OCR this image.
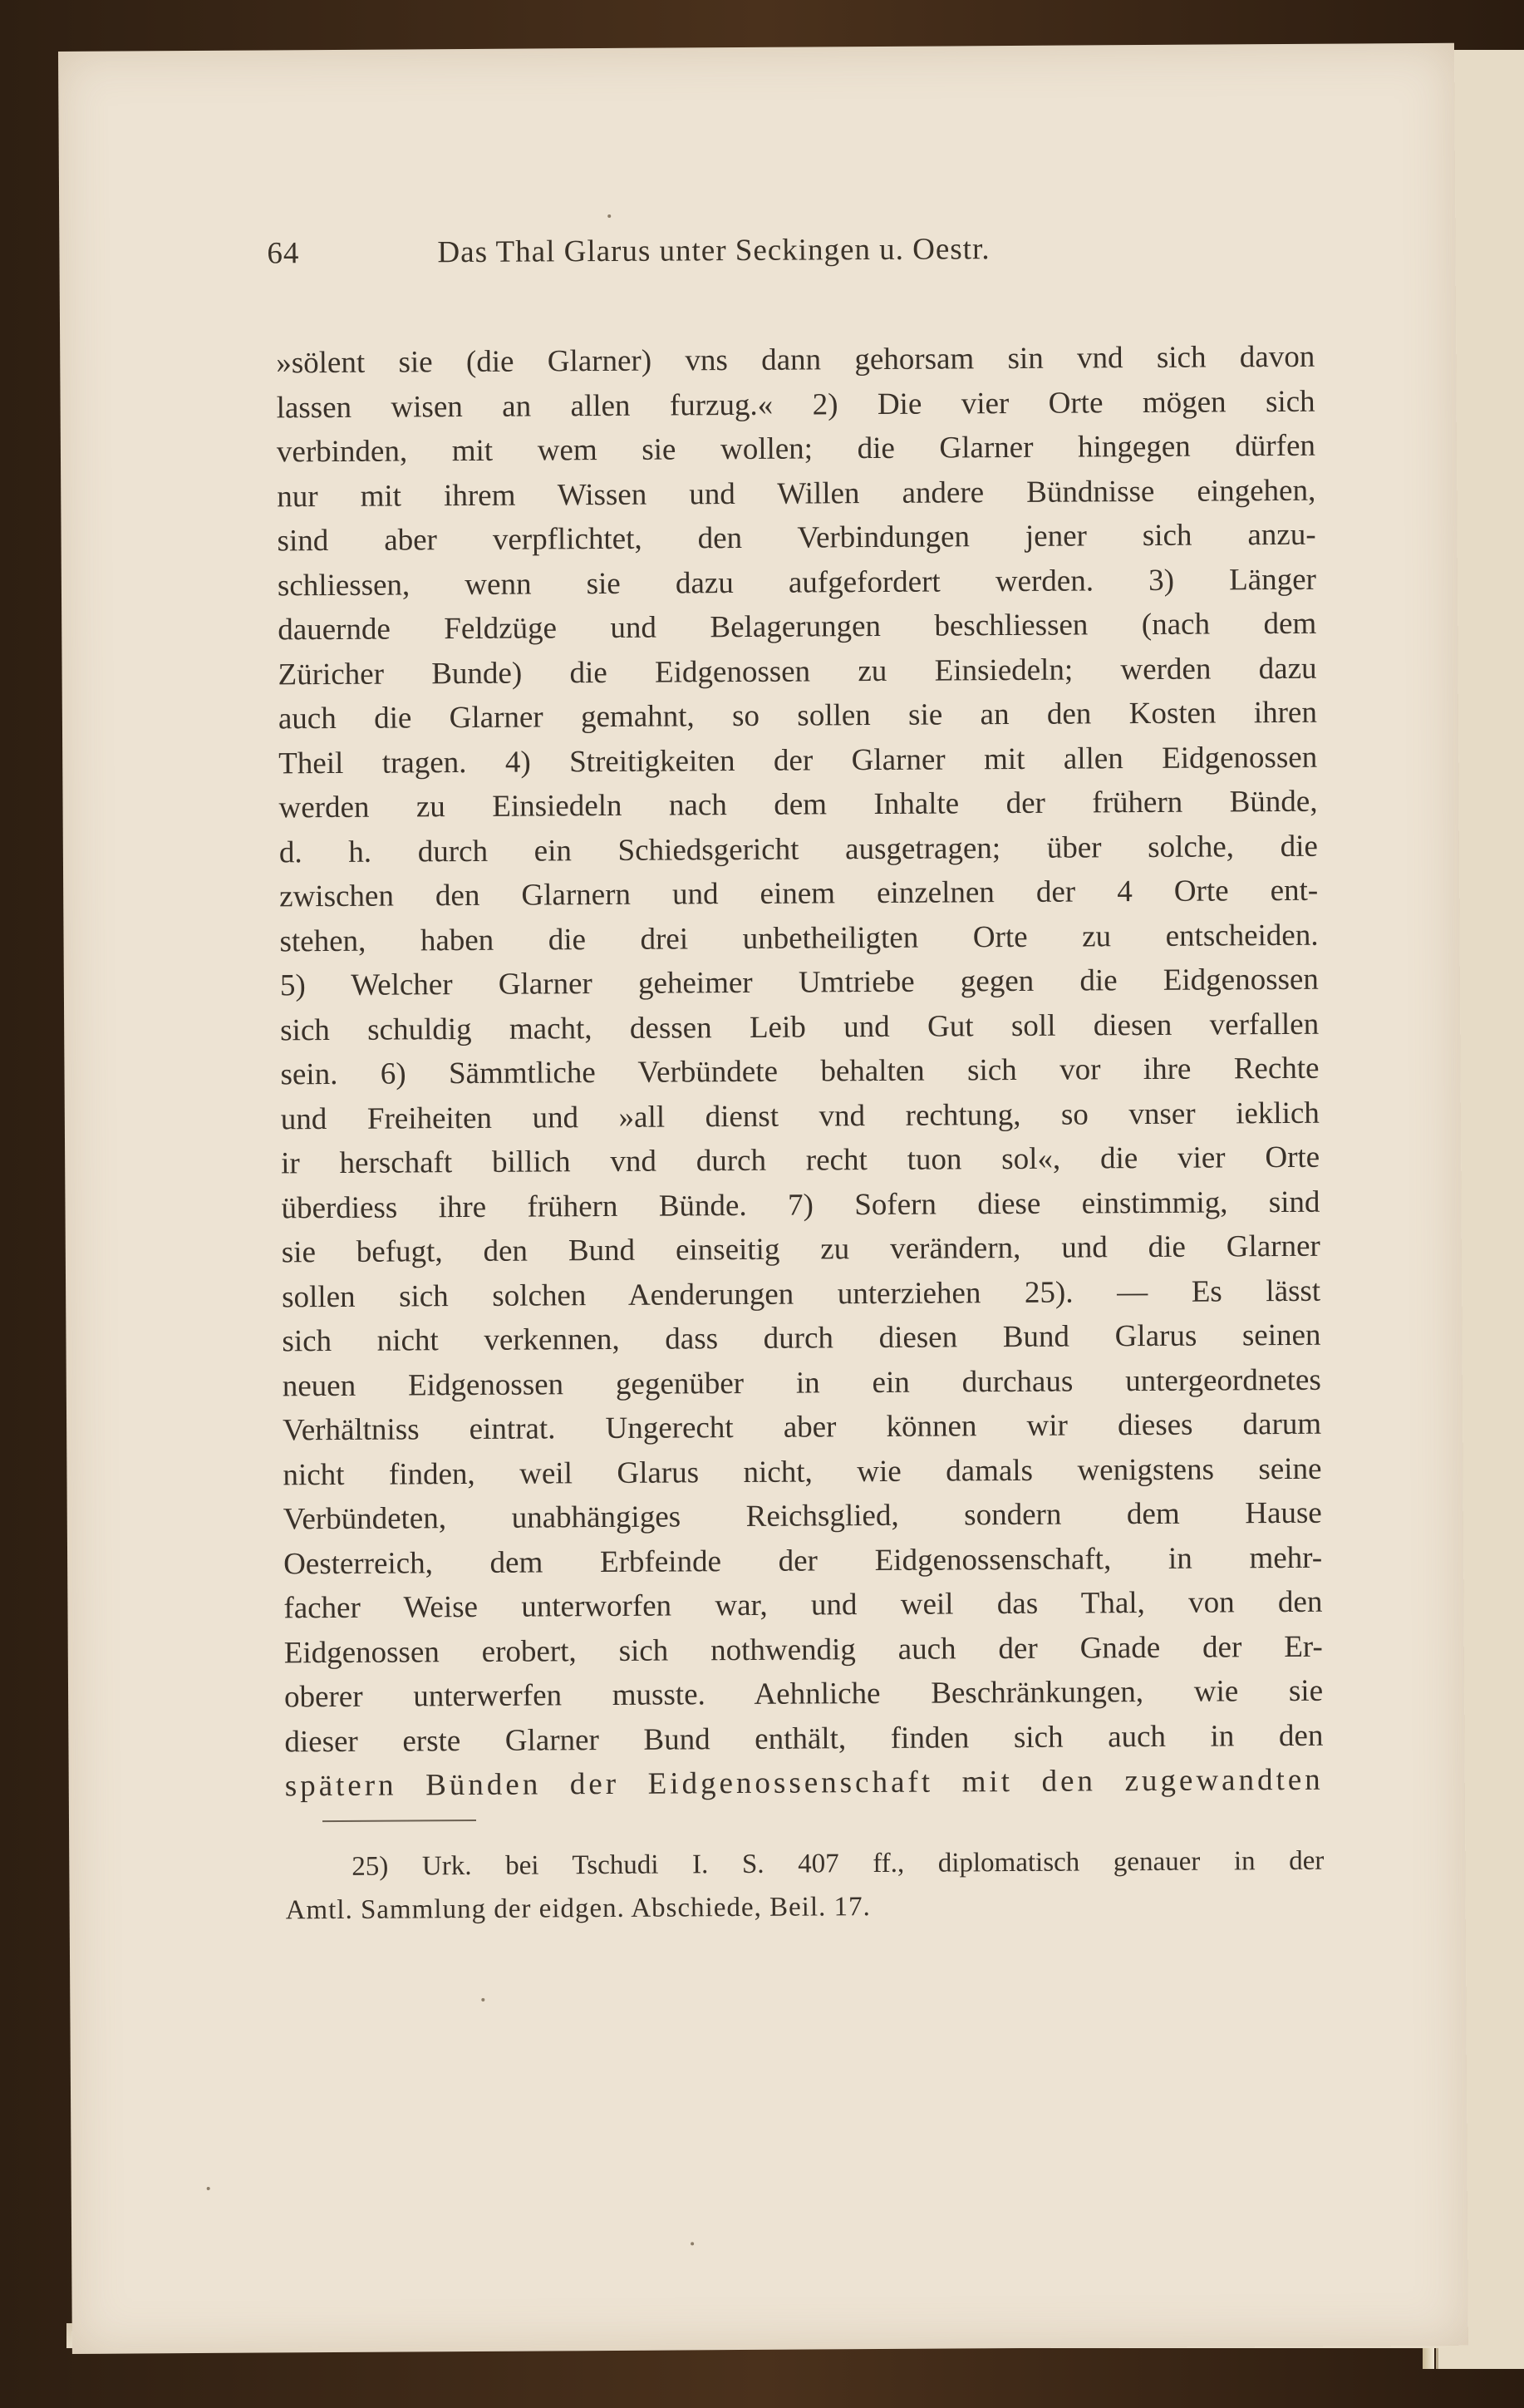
64	Das Thal Glarus unter Seckingen u. Oestr.
»sölent sie (die Glarner) vns dann gehorsam sin vnd sich davon
lassen wisen an allen furzug.« 2) Die vier Orte mögen sich
verbinden, mit wem sie wollen; die Glarner hingegen dürfen
nur mit ihrem Wissen und Willen andere Bündnisse eingehen,
sind aber verpflichtet, den Verbindungen jener sich anzu-
schliessen, wenn sie dazu aufgefordert werden. 3) Länger
dauernde Feldzüge und Belagerungen beschliessen (nach dem
Züricher Bunde) die Eidgenossen zu Einsiedeln; werden dazu
auch die Glarner gemahnt, so sollen sie an den Kosten ihren
Theil tragen. 4) Streitigkeiten der Glarner mit allen Eidgenossen
werden zu Einsiedeln nach dem Inhalte der frühern Bünde,
d. h. durch ein Schiedsgericht ausgetragen; über solche, die
zwischen den Glarnern und einem einzelnen der 4 Orte ent-
stehen, haben die drei unbetheiligten Orte zu entscheiden.
5) Welcher Glarner geheimer Umtriebe gegen die Eidgenossen
sich schuldig macht, dessen Leib und Gut soll diesen verfallen
sein. 6) Sämmtliche Verbündete behalten sich vor ihre Rechte
und Freiheiten und »all dienst vnd rechtung, so vnser ieklich
ir herschaft billich vnd durch recht tuon sol«, die vier Orte
überdiess ihre frühern Bünde. 7) Sofern diese einstimmig, sind
sie befugt, den Bund einseitig zu verändern, und die Glarner
sollen sich solchen Aenderungen unterziehen 25). — Es lässt
sich nicht verkennen, dass durch diesen Bund Glarus seinen
neuen Eidgenossen gegenüber in ein durchaus untergeordnetes
Verhältniss eintrat. Ungerecht aber können wir dieses darum
nicht finden, weil Glarus nicht, wie damals wenigstens seine
Verbündeten, unabhängiges Reichsglied, sondern dem Hause
Oesterreich, dem Erbfeinde der Eidgenossenschaft, in mehr-
facher Weise unterworfen war, und weil das Thal, von den
Eidgenossen erobert, sich nothwendig auch der Gnade der Er-
oberer unterwerfen musste. Aehnliche Beschränkungen, wie sie
dieser erste Glarner Bund enthält, finden sich auch in den
spätern Bünden der Eidgenossenschaft mit den zugewandten
25) Urk. bei Tschudi I. S. 407 ff., diplomatisch genauer in der
Amtl. Sammlung der eidgen. Abschiede, Beil. 17.
